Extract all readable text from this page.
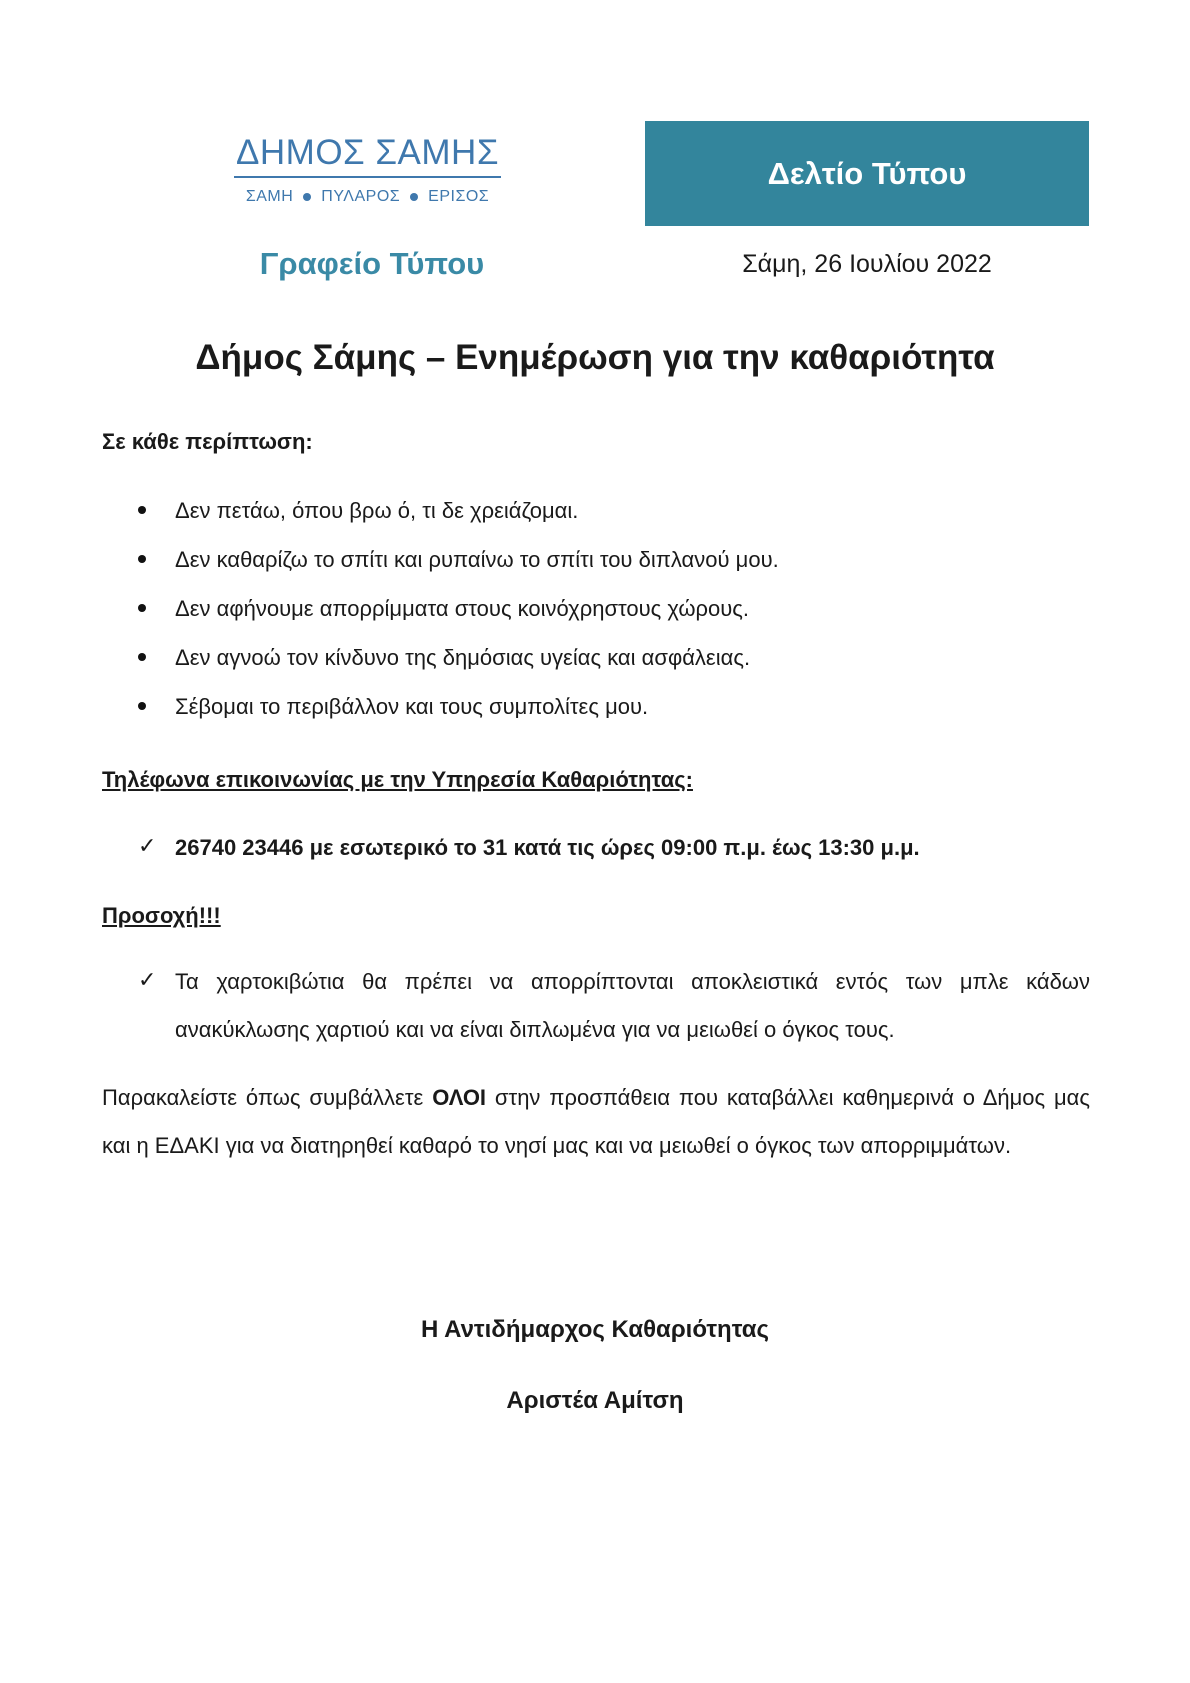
ΔΗΜΟΣ ΣΑΜΗΣ
ΣΑΜΗ ΠΥΛΑΡΟΣ ΕΡΙΣΟΣ
Γραφείο Τύπου
Δελτίο Τύπου
Σάμη, 26 Ιουλίου 2022
Δήμος Σάμης – Ενημέρωση για την καθαριότητα
Σε κάθε περίπτωση:
Δεν πετάω, όπου βρω ό, τι δε χρειάζομαι.
Δεν καθαρίζω το σπίτι και ρυπαίνω το σπίτι του διπλανού μου.
Δεν αφήνουμε απορρίμματα στους κοινόχρηστους χώρους.
Δεν αγνοώ τον κίνδυνο της δημόσιας υγείας και ασφάλειας.
Σέβομαι το περιβάλλον και τους συμπολίτες μου.
Τηλέφωνα επικοινωνίας με την Υπηρεσία Καθαριότητας:
✓ 26740 23446 με εσωτερικό το 31 κατά τις ώρες 09:00 π.μ. έως 13:30 μ.μ.
Προσοχή!!!
✓ Τα χαρτοκιβώτια θα πρέπει να απορρίπτονται αποκλειστικά εντός των μπλε κάδων ανακύκλωσης χαρτιού και να είναι διπλωμένα για να μειωθεί ο όγκος τους.
Παρακαλείστε όπως συμβάλλετε ΟΛΟΙ στην προσπάθεια που καταβάλλει καθημερινά ο Δήμος μας και η ΕΔΑΚΙ για να διατηρηθεί καθαρό το νησί μας και να μειωθεί ο όγκος των απορριμμάτων.
Η Αντιδήμαρχος Καθαριότητας
Αριστέα Αμίτση
